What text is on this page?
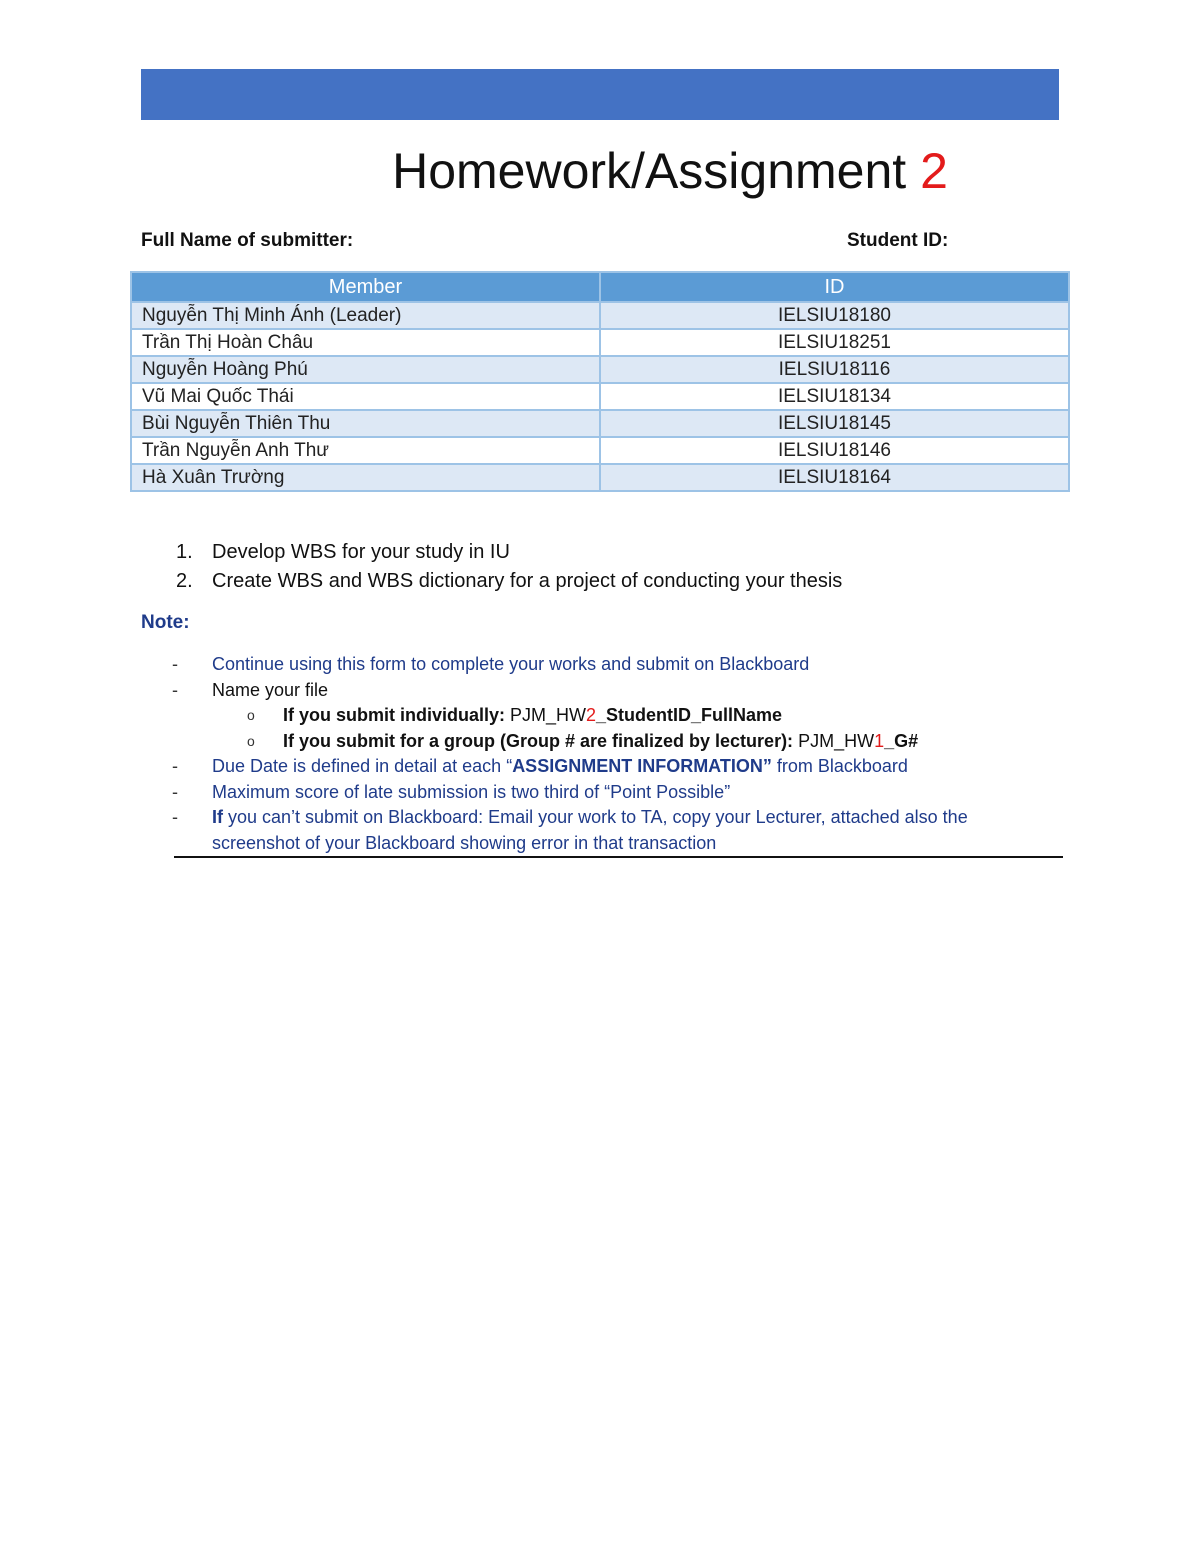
Homework/Assignment 2
Full Name of submitter:	Student ID:
Member	ID
Nguyễn Thị Minh Ánh (Leader)	IELSIU18180
Trần Thị Hoàn Châu	IELSIU18251
Nguyễn Hoàng Phú	IELSIU18116
Vũ Mai Quốc Thái	IELSIU18134
Bùi Nguyễn Thiên Thu	IELSIU18145
Trần Nguyễn Anh Thư	IELSIU18146
Hà Xuân Trường	IELSIU18164
1. Develop WBS for your study in IU
2. Create WBS and WBS dictionary for a project of conducting your thesis
Note:
- Continue using this form to complete your works and submit on Blackboard
- Name your file
o If you submit individually: PJM_HW2_StudentID_FullName
o If you submit for a group (Group # are finalized by lecturer): PJM_HW1_G#
- Due Date is defined in detail at each “ASSIGNMENT INFORMATION” from Blackboard
- Maximum score of late submission is two third of “Point Possible”
- If you can’t submit on Blackboard: Email your work to TA, copy your Lecturer, attached also the
screenshot of your Blackboard showing error in that transaction
